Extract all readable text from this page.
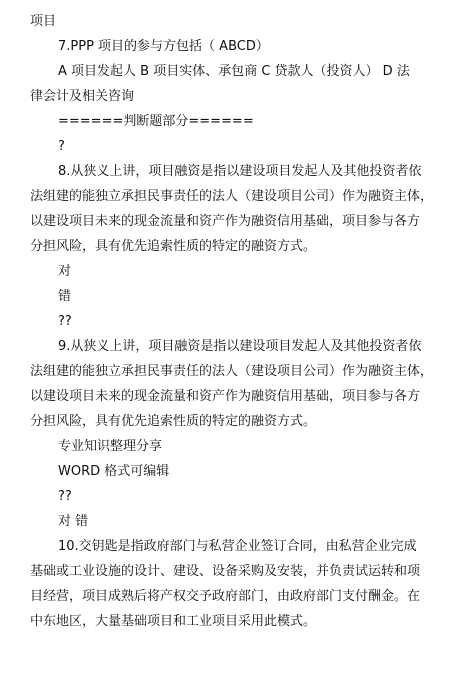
项目
7.PPP 项目的参与方包括（ ABCD）
A 项目发起人 B 项目实体、承包商 C 贷款人（投资人） D 法
律会计及相关咨询
======判断题部分======
?
8.从狭义上讲，项目融资是指以建设项目发起人及其他投资者依
法组建的能独立承担民事责任的法人（建设项目公司）作为融资主体，
以建设项目未来的现金流量和资产作为融资信用基础，项目参与各方
分担风险，具有优先追索性质的特定的融资方式。
对
错
??
9.从狭义上讲，项目融资是指以建设项目发起人及其他投资者依
法组建的能独立承担民事责任的法人（建设项目公司）作为融资主体，
以建设项目未来的现金流量和资产作为融资信用基础，项目参与各方
分担风险，具有优先追索性质的特定的融资方式。
专业知识整理分享
WORD 格式可编辑
??
对 错
10.交钥匙是指政府部门与私营企业签订合同，由私营企业完成
基础或工业设施的设计、建设、设备采购及安装，并负责试运转和项
目经营，项目成熟后将产权交予政府部门，由政府部门支付酬金。在
中东地区，大量基础项目和工业项目采用此模式。
